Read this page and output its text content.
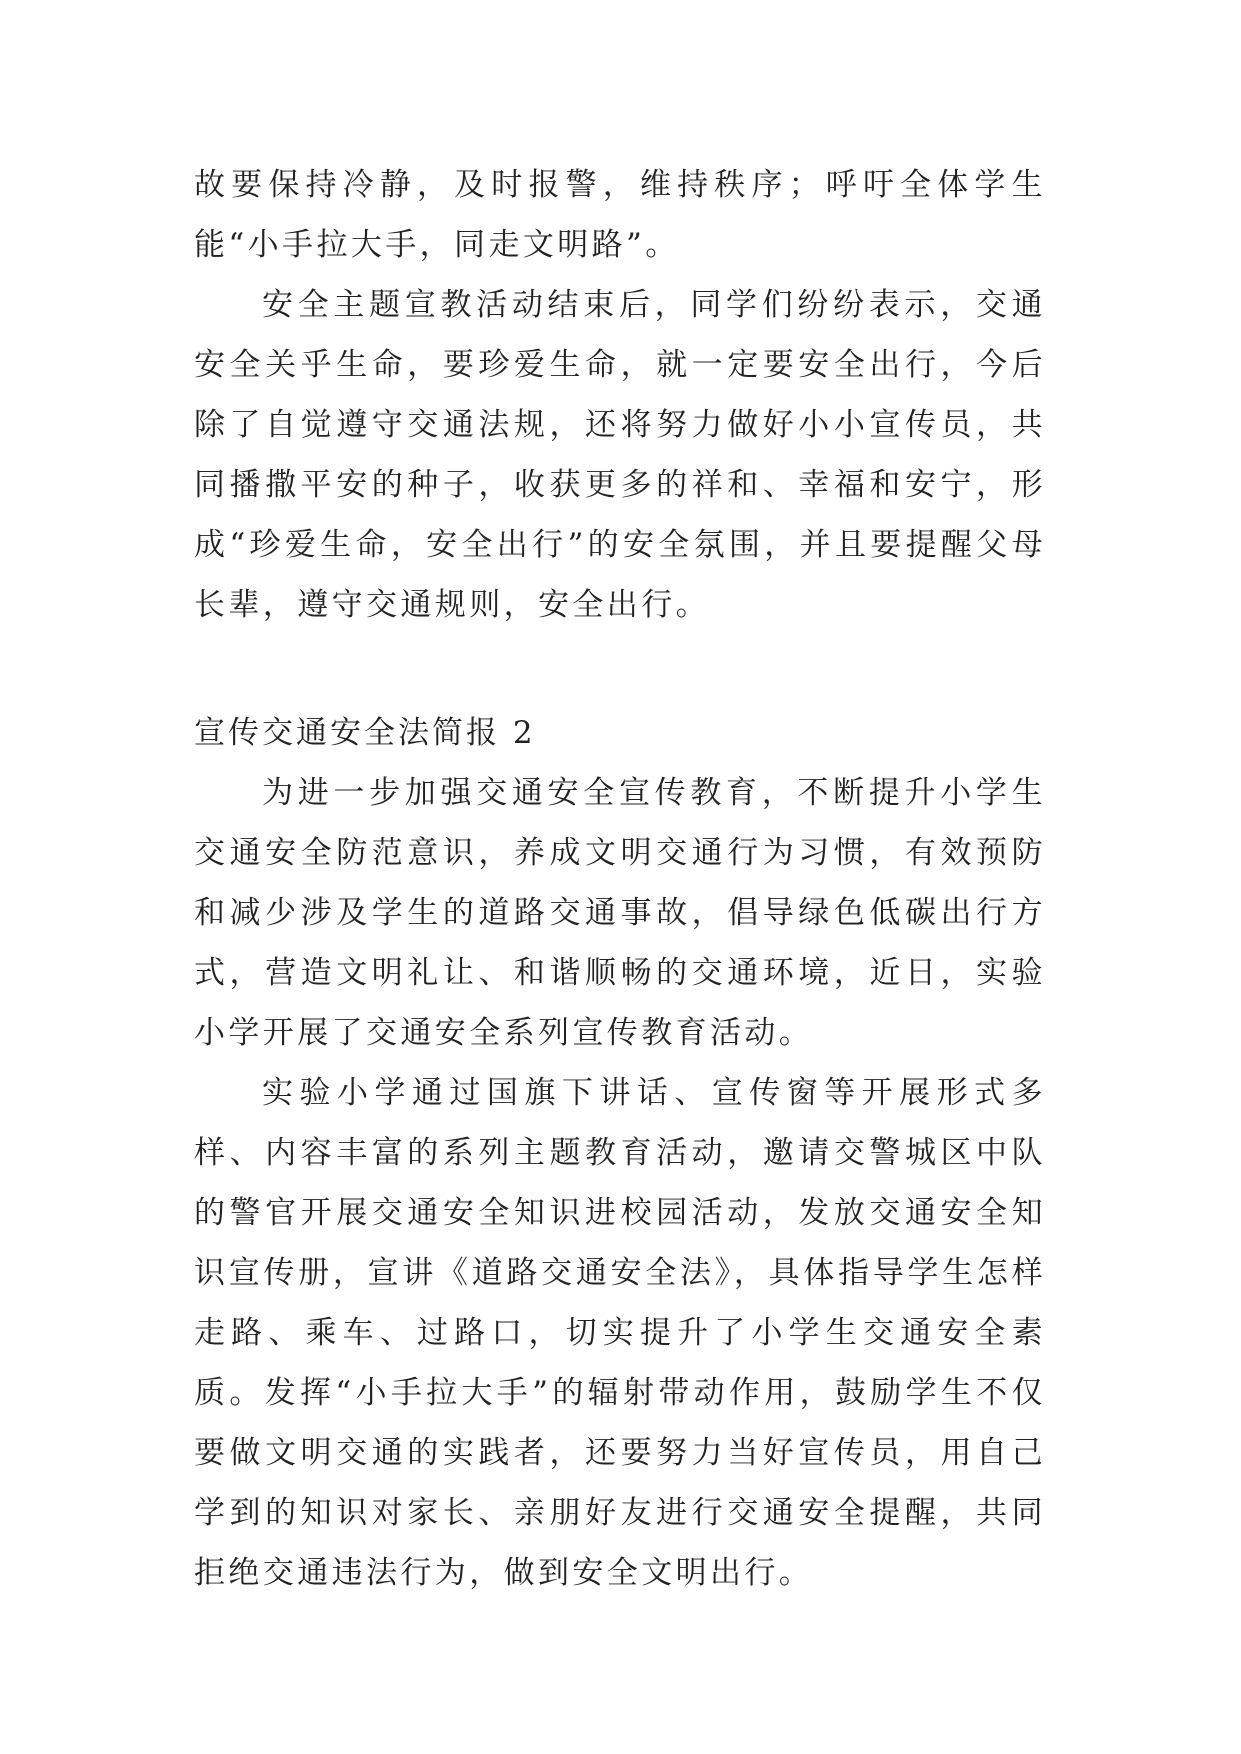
故要保持冷静，及时报警，维持秩序；呼吁全体学生能“小手拉大手，同走文明路”。

安全主题宣教活动结束后，同学们纷纷表示，交通安全关乎生命，要珍爱生命，就一定要安全出行，今后除了自觉遵守交通法规，还将努力做好小小宣传员，共同播撒平安的种子，收获更多的祥和、幸福和安宁，形成“珍爱生命，安全出行”的安全氛围，并且要提醒父母长辈，遵守交通规则，安全出行。

宣传交通安全法简报 2

为进一步加强交通安全宣传教育，不断提升小学生交通安全防范意识，养成文明交通行为习惯，有效预防和减少涉及学生的道路交通事故，倡导绿色低碳出行方式，营造文明礼让、和谐顺畅的交通环境，近日，实验小学开展了交通安全系列宣传教育活动。

实验小学通过国旗下讲话、宣传窗等开展形式多样、内容丰富的系列主题教育活动，邀请交警城区中队的警官开展交通安全知识进校园活动，发放交通安全知识宣传册，宣讲《道路交通安全法》，具体指导学生怎样走路、乘车、过路口，切实提升了小学生交通安全素质。发挥“小手拉大手”的辐射带动作用，鼓励学生不仅要做文明交通的实践者，还要努力当好宣传员，用自己学到的知识对家长、亲朋好友进行交通安全提醒，共同拒绝交通违法行为，做到安全文明出行。
